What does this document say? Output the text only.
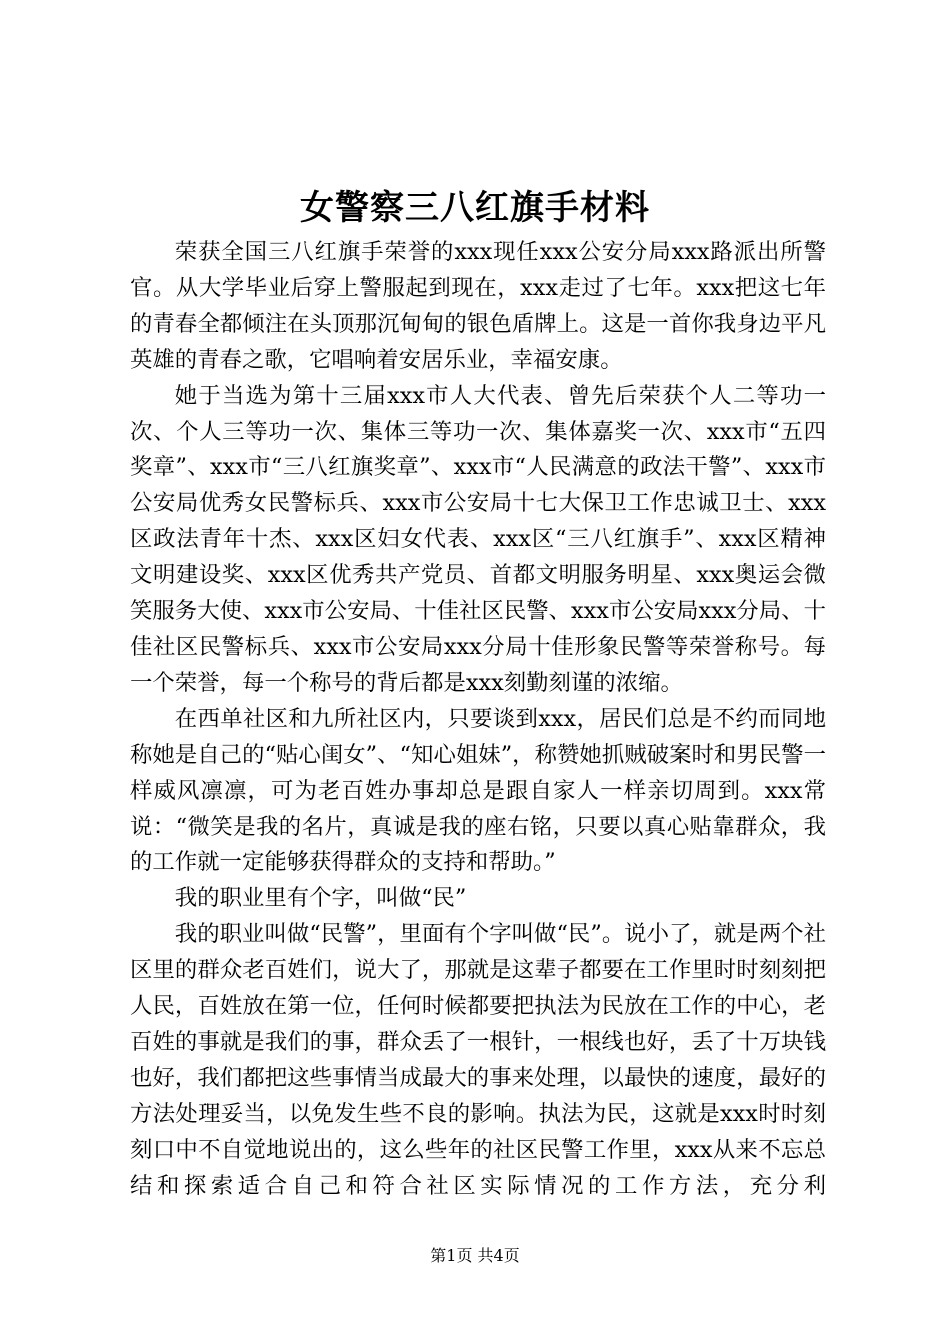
女警察三八红旗手材料

荣获全国三八红旗手荣誉的xxx现任xxx公安分局xxx路派出所警官。从大学毕业后穿上警服起到现在，xxx走过了七年。xxx把这七年的青春全都倾注在头顶那沉甸甸的银色盾牌上。这是一首你我身边平凡英雄的青春之歌，它唱响着安居乐业，幸福安康。

她于当选为第十三届xxx市人大代表、曾先后荣获个人二等功一次、个人三等功一次、集体三等功一次、集体嘉奖一次、xxx市“五四奖章”、xxx市“三八红旗奖章”、xxx市“人民满意的政法干警”、xxx市公安局优秀女民警标兵、xxx市公安局十七大保卫工作忠诚卫士、xxx区政法青年十杰、xxx区妇女代表、xxx区“三八红旗手”、xxx区精神文明建设奖、xxx区优秀共产党员、首都文明服务明星、xxx奥运会微笑服务大使、xxx市公安局、十佳社区民警、xxx市公安局xxx分局、十佳社区民警标兵、xxx市公安局xxx分局十佳形象民警等荣誉称号。每一个荣誉，每一个称号的背后都是xxx刻勤刻谨的浓缩。

在西单社区和九所社区内，只要谈到xxx，居民们总是不约而同地称她是自己的“贴心闺女”、“知心姐妹”，称赞她抓贼破案时和男民警一样威风凛凛，可为老百姓办事却总是跟自家人一样亲切周到。xxx常说：“微笑是我的名片，真诚是我的座右铭，只要以真心贴靠群众，我的工作就一定能够获得群众的支持和帮助。”

我的职业里有个字，叫做“民”

我的职业叫做“民警”，里面有个字叫做“民”。说小了，就是两个社区里的群众老百姓们，说大了，那就是这辈子都要在工作里时时刻刻把人民，百姓放在第一位，任何时候都要把执法为民放在工作的中心，老百姓的事就是我们的事，群众丢了一根针，一根线也好，丢了十万块钱也好，我们都把这些事情当成最大的事来处理，以最快的速度，最好的方法处理妥当，以免发生些不良的影响。执法为民，这就是xxx时时刻刻口中不自觉地说出的，这么些年的社区民警工作里，xxx从来不忘总结和探索适合自己和符合社区实际情况的工作方法，充分利

第1页 共4页
